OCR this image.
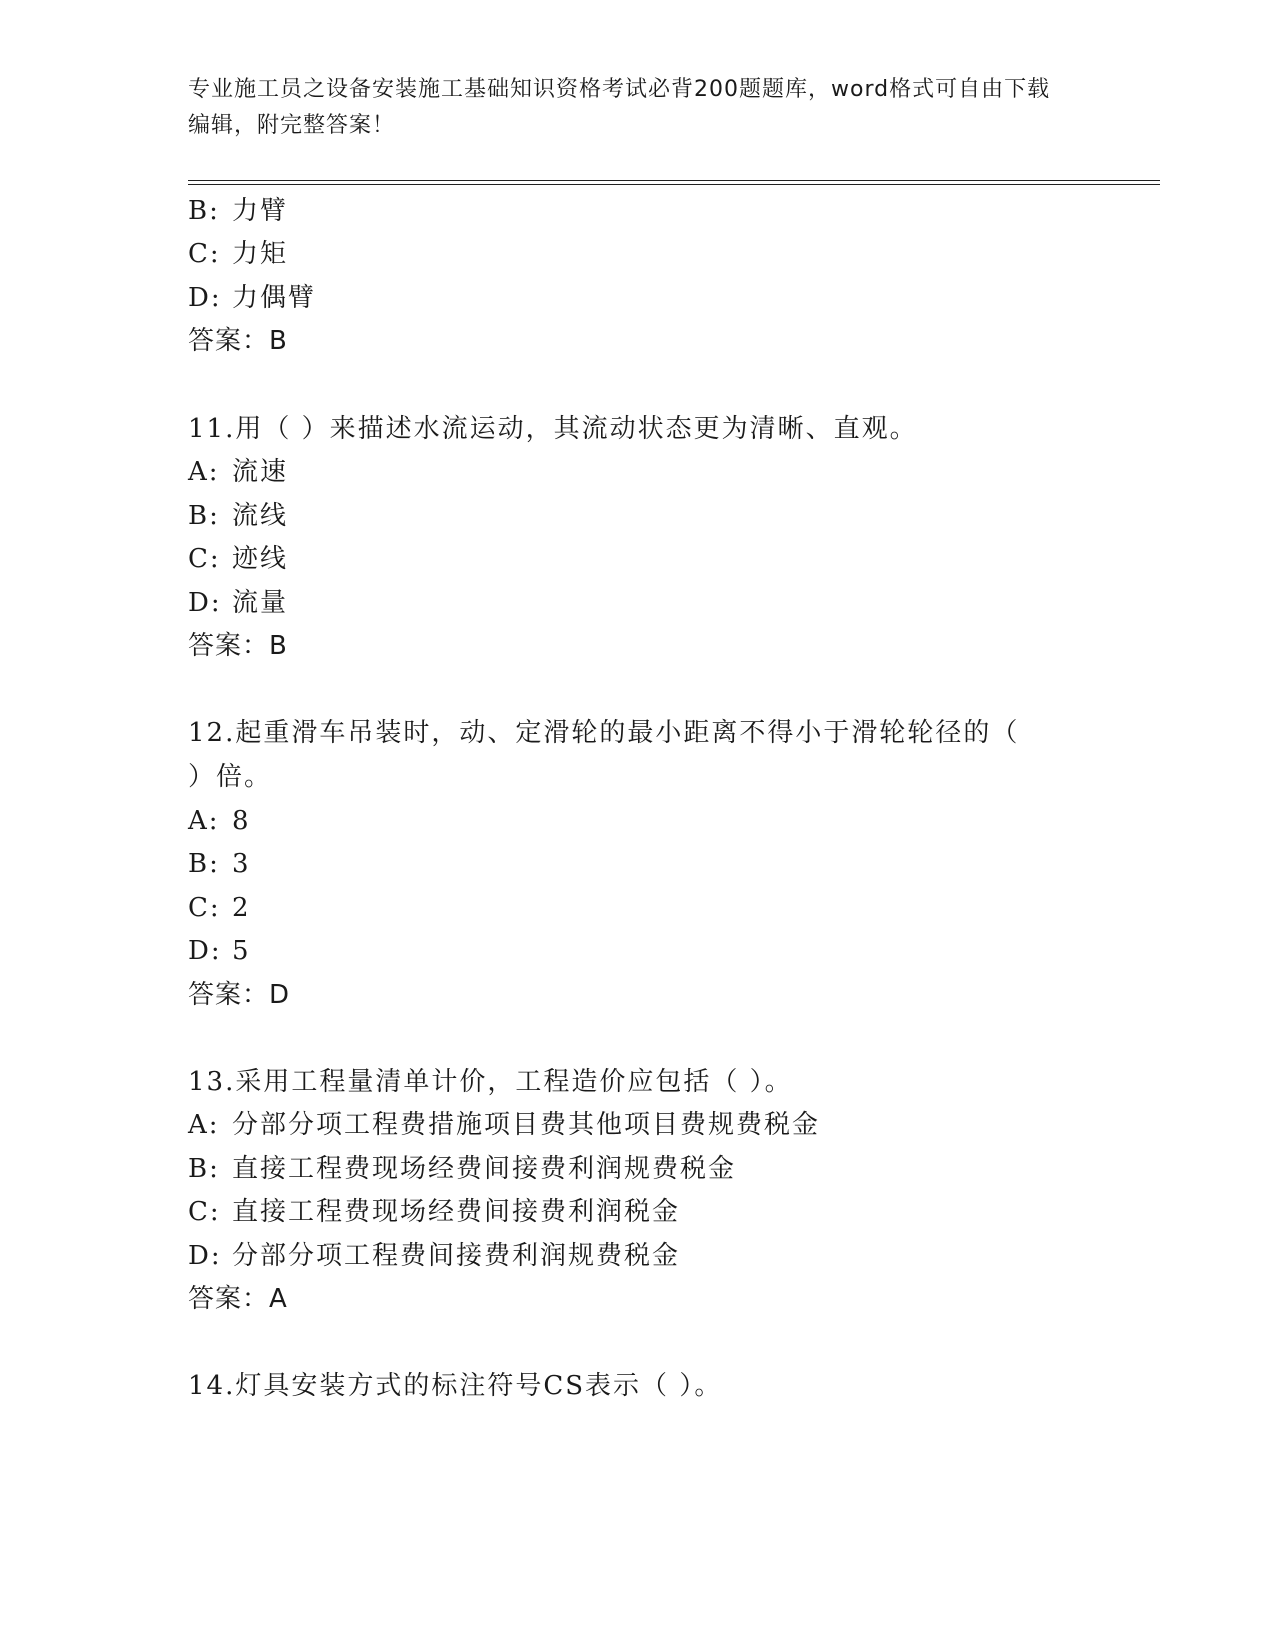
专业施工员之设备安装施工基础知识资格考试必背200题题库，word格式可自由下载编辑，附完整答案！
B: 力臂
C: 力矩
D: 力偶臂
答案：B
11.用（ ）来描述水流运动，其流动状态更为清晰、直观。
A: 流速
B: 流线
C: 迹线
D: 流量
答案：B
12.起重滑车吊装时，动、定滑轮的最小距离不得小于滑轮轮径的（
）倍。
A: 8
B: 3
C: 2
D: 5
答案：D
13.采用工程量清单计价，工程造价应包括（ ）。
A: 分部分项工程费措施项目费其他项目费规费税金
B: 直接工程费现场经费间接费利润规费税金
C: 直接工程费现场经费间接费利润税金
D: 分部分项工程费间接费利润规费税金
答案：A
14.灯具安装方式的标注符号CS表示（ ）。
